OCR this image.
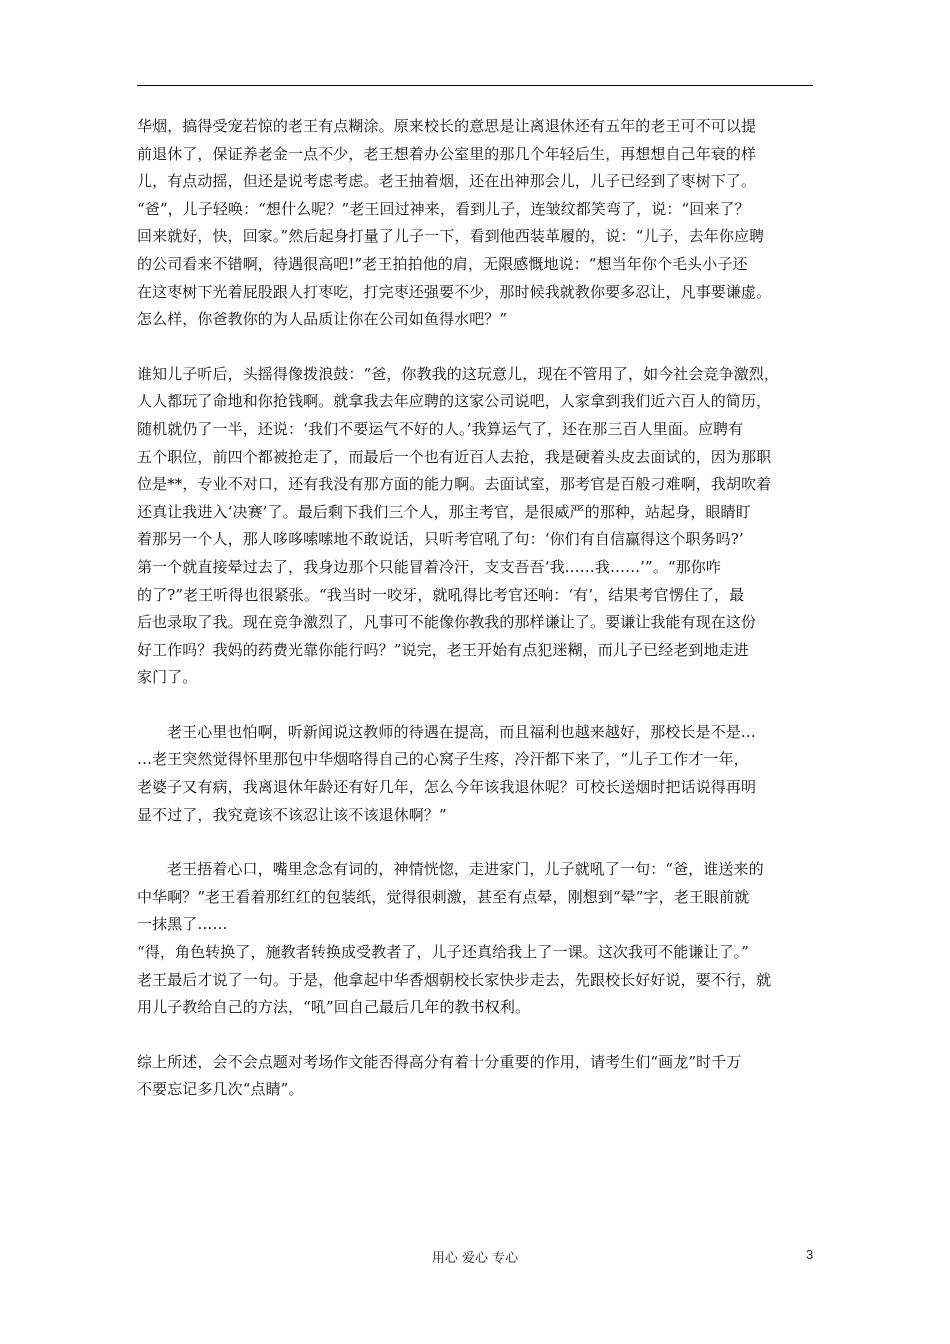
华烟，搞得受宠若惊的老王有点糊涂。原来校长的意思是让离退休还有五年的老王可不可以提
前退休了，保证养老金一点不少，老王想着办公室里的那几个年轻后生，再想想自己年衰的样
儿，有点动摇，但还是说考虑考虑。老王抽着烟，还在出神那会儿，儿子已经到了枣树下了。
“爸”，儿子轻唤：“想什么呢？”老王回过神来，看到儿子，连皱纹都笑弯了，说：“回来了？
回来就好，快，回家。”然后起身打量了儿子一下，看到他西装革履的，说：“儿子，去年你应聘
的公司看来不错啊，待遇很高吧!”老王拍拍他的肩，无限感慨地说：“想当年你个毛头小子还
在这枣树下光着屁股跟人打枣吃，打完枣还强要不少，那时候我就教你要多忍让，凡事要谦虚。
怎么样，你爸教你的为人品质让你在公司如鱼得水吧？”

谁知儿子听后，头摇得像拨浪鼓：“爸，你教我的这玩意儿，现在不管用了，如今社会竞争激烈，
人人都玩了命地和你抢钱啊。就拿我去年应聘的这家公司说吧，人家拿到我们近六百人的简历，
随机就仍了一半，还说：‘我们不要运气不好的人。’我算运气了，还在那三百人里面。应聘有
五个职位，前四个都被抢走了，而最后一个也有近百人去抢，我是硬着头皮去面试的，因为那职
位是**，专业不对口，还有我没有那方面的能力啊。去面试室，那考官是百般刁难啊，我胡吹着
还真让我进入‘决赛’了。最后剩下我们三个人，那主考官，是很威严的那种，站起身，眼睛盯
着那另一个人，那人哆哆嗦嗦地不敢说话，只听考官吼了句：‘你们有自信赢得这个职务吗?’
第一个就直接晕过去了，我身边那个只能冒着冷汗，支支吾吾‘我……我……’”。“那你咋
的了?”老王听得也很紧张。“我当时一咬牙，就吼得比考官还响：‘有’，结果考官愣住了，最
后也录取了我。现在竞争激烈了，凡事可不能像你教我的那样谦让了。要谦让我能有现在这份
好工作吗？我妈的药费光靠你能行吗？”说完，老王开始有点犯迷糊，而儿子已经老到地走进
家门了。

老王心里也怕啊，听新闻说这教师的待遇在提高，而且福利也越来越好，那校长是不是…
…老王突然觉得怀里那包中华烟咯得自己的心窝子生疼，冷汗都下来了，“儿子工作才一年，
老婆子又有病，我离退休年龄还有好几年，怎么今年该我退休呢？可校长送烟时把话说得再明
显不过了，我究竟该不该忍让该不该退休啊？”

老王捂着心口，嘴里念念有词的，神情恍惚，走进家门，儿子就吼了一句：“爸，谁送来的
中华啊？”老王看着那红红的包装纸，觉得很刺激，甚至有点晕，刚想到“晕”字，老王眼前就
一抹黑了……

“得，角色转换了，施教者转换成受教者了，儿子还真给我上了一课。这次我可不能谦让了。”
老王最后才说了一句。于是，他拿起中华香烟朝校长家快步走去，先跟校长好好说，要不行，就
用儿子教给自己的方法，“吼”回自己最后几年的教书权利。

综上所述，会不会点题对考场作文能否得高分有着十分重要的作用，请考生们“画龙”时千万
不要忘记多几次“点睛”。

用心 爱心 专心	3
